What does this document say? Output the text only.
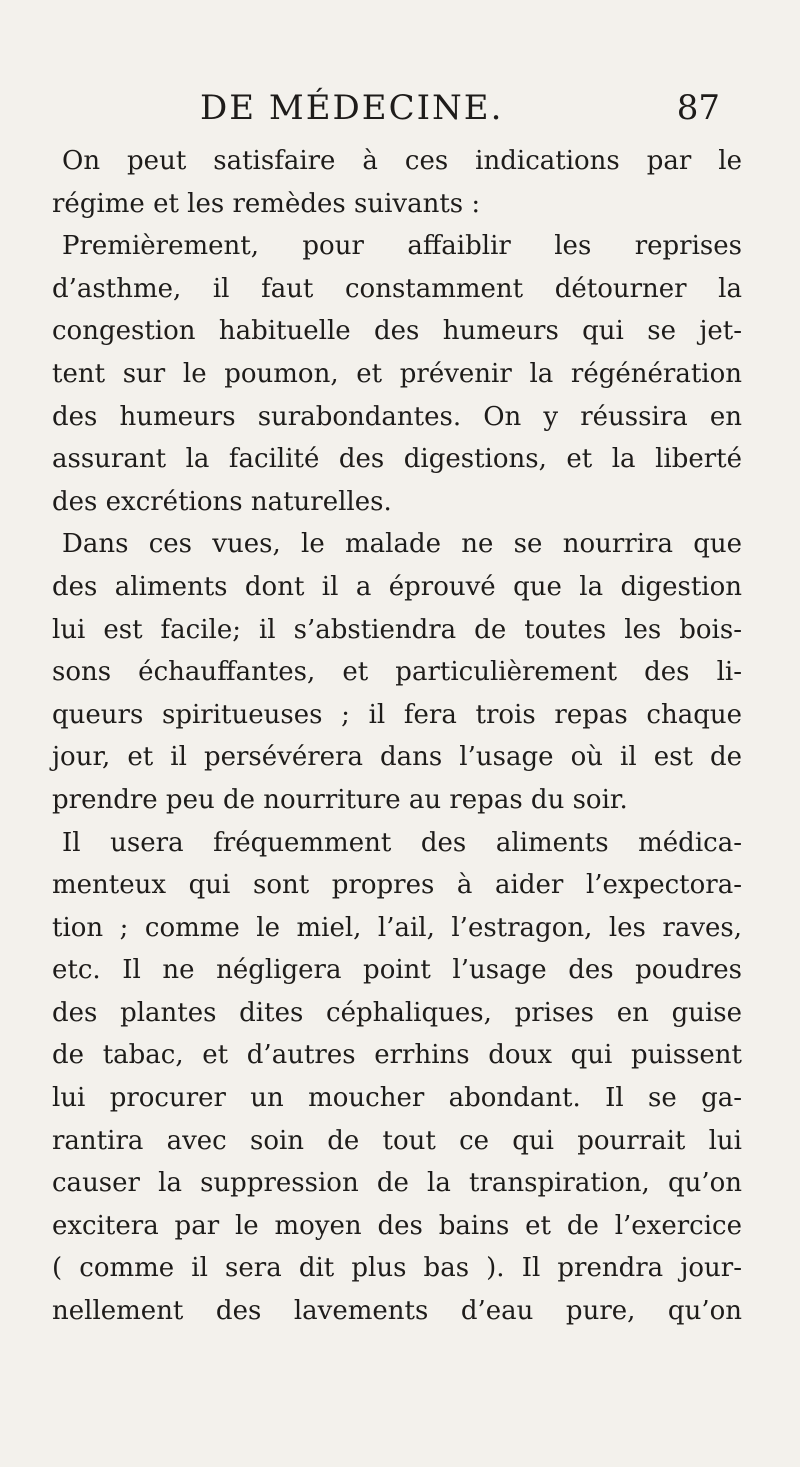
DE MÉDECINE.	87
On peut satisfaire à ces indications par le
régime et les remèdes suivants :
Premièrement, pour affaiblir les reprises
d’asthme, il faut constamment détourner la
congestion habituelle des humeurs qui se jet-
tent sur le poumon, et prévenir la régénération
des humeurs surabondantes. On y réussira en
assurant la facilité des digestions, et la liberté
des excrétions naturelles.
Dans ces vues, le malade ne se nourrira que
des aliments dont il a éprouvé que la digestion
lui est facile; il s’abstiendra de toutes les bois-
sons échauffantes, et particulièrement des li-
queurs spiritueuses ; il fera trois repas chaque
jour, et il persévérera dans l’usage où il est de
prendre peu de nourriture au repas du soir.
Il usera fréquemment des aliments médica-
menteux qui sont propres à aider l’expectora-
tion ; comme le miel, l’ail, l’estragon, les raves,
etc. Il ne négligera point l’usage des poudres
des plantes dites céphaliques, prises en guise
de tabac, et d’autres errhins doux qui puissent
lui procurer un moucher abondant. Il se ga-
rantira avec soin de tout ce qui pourrait lui
causer la suppression de la transpiration, qu’on
excitera par le moyen des bains et de l’exercice
( comme il sera dit plus bas ). Il prendra jour-
nellement des lavements d’eau pure, qu’on
